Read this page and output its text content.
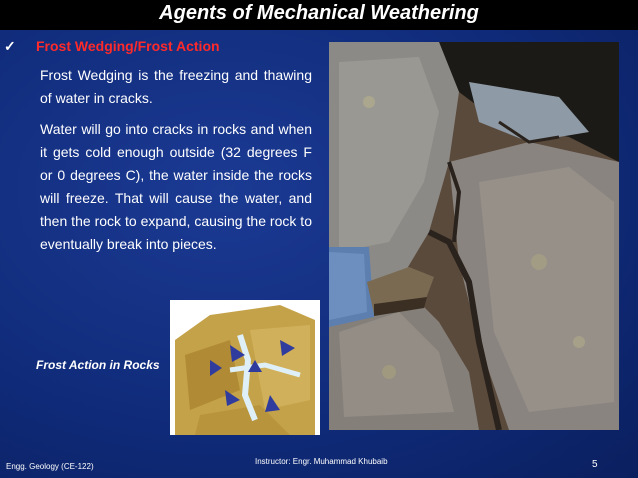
Agents of Mechanical Weathering
✓ Frost Wedging/Frost Action
Frost Wedging is the freezing and thawing of water in cracks.
Water will go into cracks in rocks and when it gets cold enough outside (32 degrees F or 0 degrees C), the water inside the rocks will freeze. That will cause the water, and then the rock to expand, causing the rock to eventually break into pieces.
Frost Action in Rocks
Engg. Geology (CE-122)
Instructor: Engr. Muhammad Khubaib	5
